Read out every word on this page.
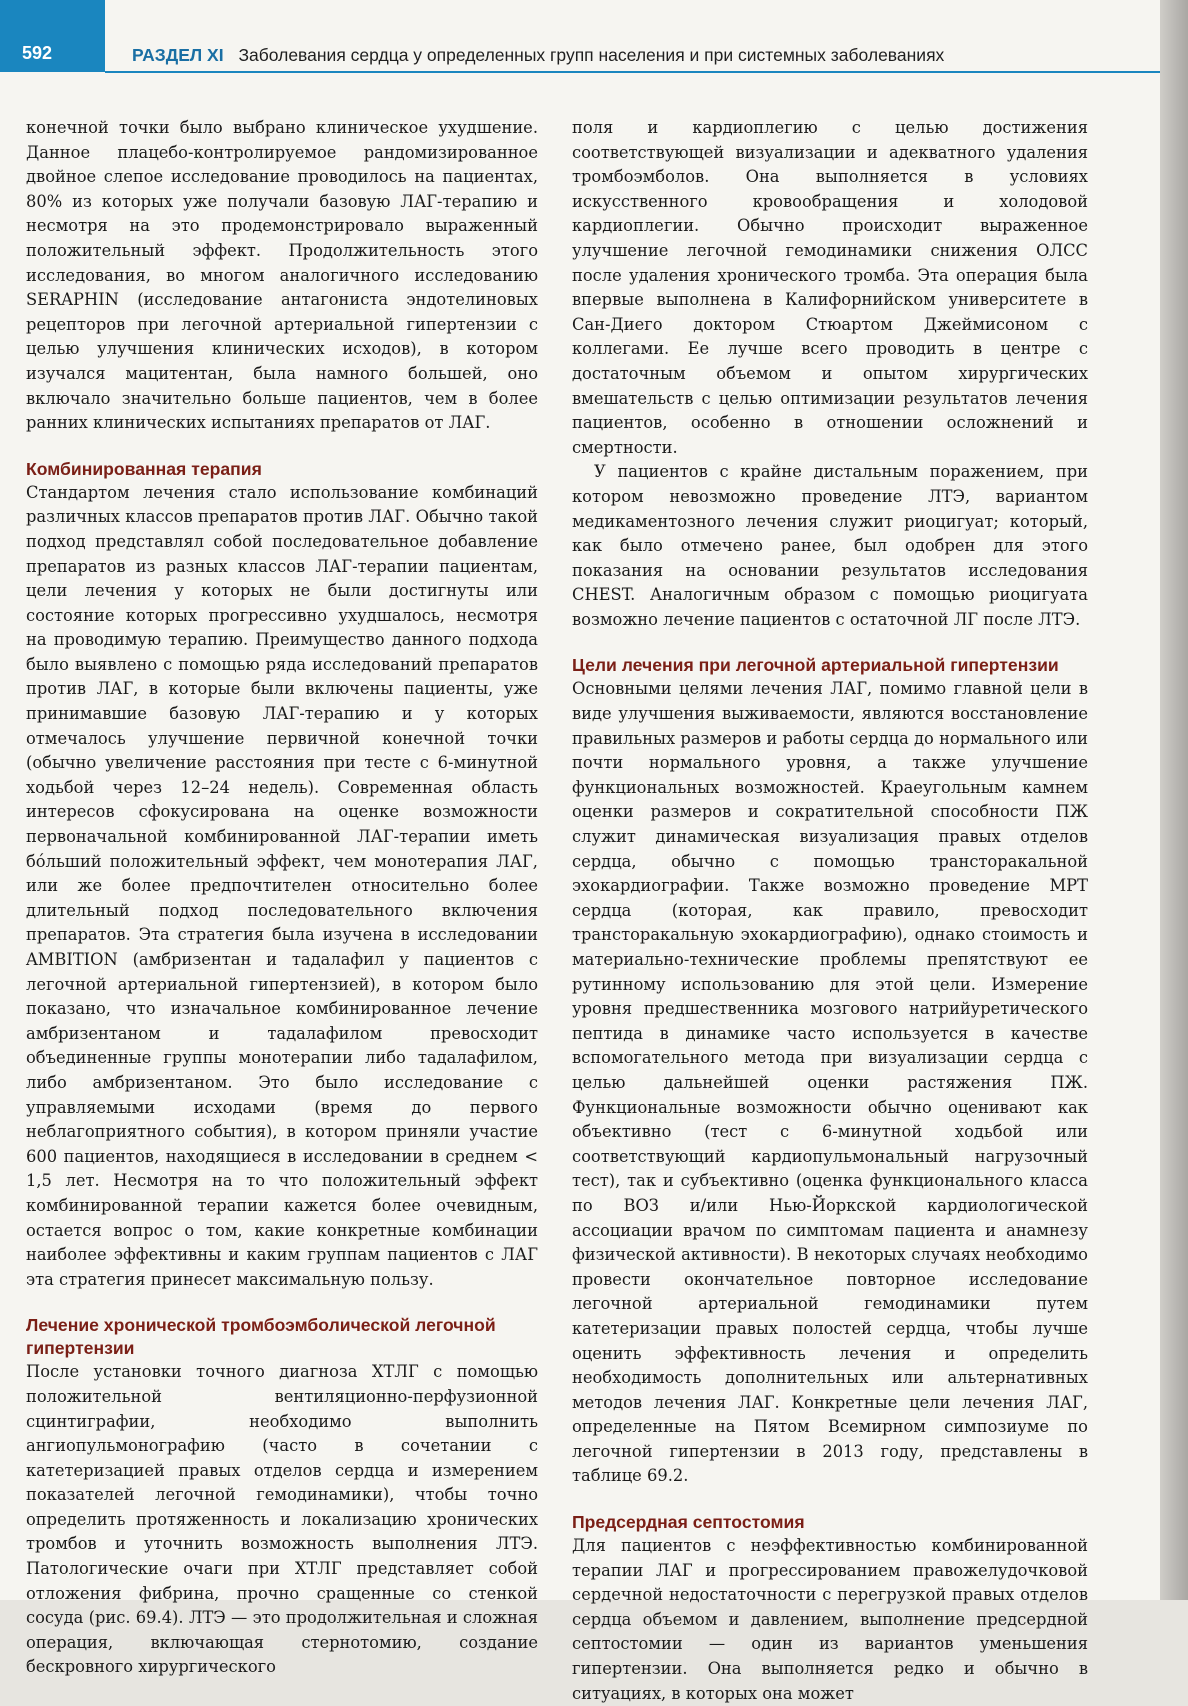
592	РАЗДЕЛ XI Заболевания сердца у определенных групп населения и при системных заболеваниях

конечной точки было выбрано клиническое ухудшение. Данное плацебо-контролируемое рандомизированное двойное слепое исследование проводилось на пациентах, 80% из которых уже получали базовую ЛАГ-терапию и несмотря на это продемонстрировало выраженный положительный эффект. Продолжительность этого исследования, во многом аналогичного исследованию SERAPHIN (исследование антагониста эндотелиновых рецепторов при легочной артериальной гипертензии с целью улучшения клинических исходов), в котором изучался мацитентан, была намного большей, оно включало значительно больше пациентов, чем в более ранних клинических испытаниях препаратов от ЛАГ.

Комбинированная терапия

Стандартом лечения стало использование комбинаций различных классов препаратов против ЛАГ. Обычно такой подход представлял собой последовательное добавление препаратов из разных классов ЛАГ-терапии пациентам, цели лечения у которых не были достигнуты или состояние которых прогрессивно ухудшалось, несмотря на проводимую терапию. Преимущество данного подхода было выявлено с помощью ряда исследований препаратов против ЛАГ, в которые были включены пациенты, уже принимавшие базовую ЛАГ-терапию и у которых отмечалось улучшение первичной конечной точки (обычно увеличение расстояния при тесте с 6-минутной ходьбой через 12–24 недель). Современная область интересов сфокусирована на оценке возможности первоначальной комбинированной ЛАГ-терапии иметь бóльший положительный эффект, чем монотерапия ЛАГ, или же более предпочтителен относительно более длительный подход последовательного включения препаратов. Эта стратегия была изучена в исследовании AMBITION (амбризентан и тадалафил у пациентов с легочной артериальной гипертензией), в котором было показано, что изначальное комбинированное лечение амбризентаном и тадалафилом превосходит объединенные группы монотерапии либо тадалафилом, либо амбризентаном. Это было исследование с управляемыми исходами (время до первого неблагоприятного события), в котором приняли участие 600 пациентов, находящиеся в исследовании в среднем < 1,5 лет. Несмотря на то что положительный эффект комбинированной терапии кажется более очевидным, остается вопрос о том, какие конкретные комбинации наиболее эффективны и каким группам пациентов с ЛАГ эта стратегия принесет максимальную пользу.

Лечение хронической тромбоэмболической легочной гипертензии

После установки точного диагноза ХТЛГ с помощью положительной вентиляционно-перфузионной сцинтиграфии, необходимо выполнить ангиопульмонографию (часто в сочетании с катетеризацией правых отделов сердца и измерением показателей легочной гемодинамики), чтобы точно определить протяженность и локализацию хронических тромбов и уточнить возможность выполнения ЛТЭ. Патологические очаги при ХТЛГ представляет собой отложения фибрина, прочно сращенные со стенкой сосуда (рис. 69.4). ЛТЭ — это продолжительная и сложная операция, включающая стернотомию, создание бескровного хирургического

поля и кардиоплегию с целью достижения соответствующей визуализации и адекватного удаления тромбоэмболов. Она выполняется в условиях искусственного кровообращения и холодовой кардиоплегии. Обычно происходит выраженное улучшение легочной гемодинамики снижения ОЛСС после удаления хронического тромба. Эта операция была впервые выполнена в Калифорнийском университете в Сан-Диего доктором Стюартом Джеймисоном с коллегами. Ее лучше всего проводить в центре с достаточным объемом и опытом хирургических вмешательств с целью оптимизации результатов лечения пациентов, особенно в отношении осложнений и смертности.

У пациентов с крайне дистальным поражением, при котором невозможно проведение ЛТЭ, вариантом медикаментозного лечения служит риоцигуат; который, как было отмечено ранее, был одобрен для этого показания на основании результатов исследования CHEST. Аналогичным образом с помощью риоцигуата возможно лечение пациентов с остаточной ЛГ после ЛТЭ.

Цели лечения при легочной артериальной гипертензии

Основными целями лечения ЛАГ, помимо главной цели в виде улучшения выживаемости, являются восстановление правильных размеров и работы сердца до нормального или почти нормального уровня, а также улучшение функциональных возможностей. Краеугольным камнем оценки размеров и сократительной способности ПЖ служит динамическая визуализация правых отделов сердца, обычно с помощью трансторакальной эхокардиографии. Также возможно проведение МРТ сердца (которая, как правило, превосходит трансторакальную эхокардиографию), однако стоимость и материально-технические проблемы препятствуют ее рутинному использованию для этой цели. Измерение уровня предшественника мозгового натрийуретического пептида в динамике часто используется в качестве вспомогательного метода при визуализации сердца с целью дальнейшей оценки растяжения ПЖ. Функциональные возможности обычно оценивают как объективно (тест с 6-минутной ходьбой или соответствующий кардиопульмональный нагрузочный тест), так и субъективно (оценка функционального класса по ВОЗ и/или Нью-Йоркской кардиологической ассоциации врачом по симптомам пациента и анамнезу физической активности). В некоторых случаях необходимо провести окончательное повторное исследование легочной артериальной гемодинамики путем катетеризации правых полостей сердца, чтобы лучше оценить эффективность лечения и определить необходимость дополнительных или альтернативных методов лечения ЛАГ. Конкретные цели лечения ЛАГ, определенные на Пятом Всемирном симпозиуме по легочной гипертензии в 2013 году, представлены в таблице 69.2.

Предсердная септостомия

Для пациентов с неэффективностью комбинированной терапии ЛАГ и прогрессированием правожелудочковой сердечной недостаточности с перегрузкой правых отделов сердца объемом и давлением, выполнение предсердной септостомии — один из вариантов уменьшения гипертензии. Она выполняется редко и обычно в ситуациях, в которых она может
